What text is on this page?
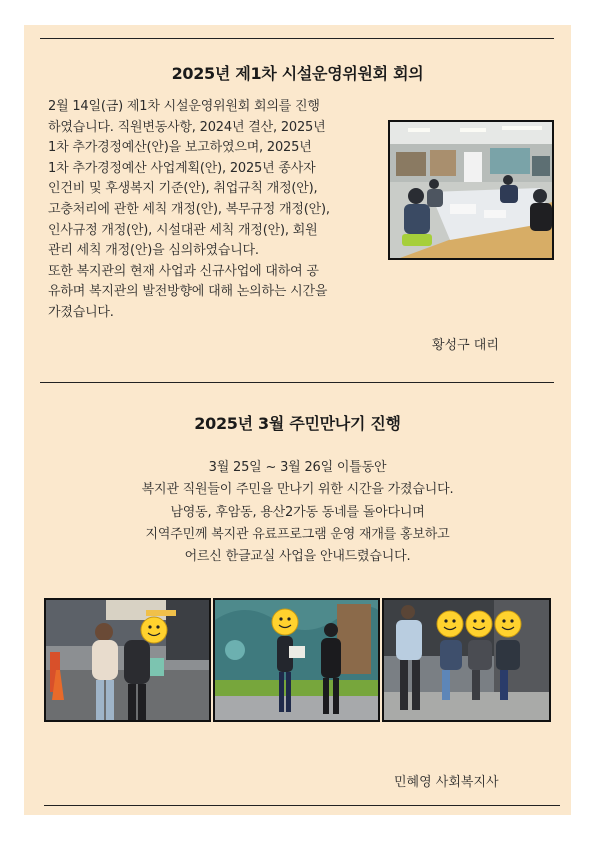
2025년 제1차 시설운영위원회 회의
2월 14일(금) 제1차 시설운영위원회 회의를 진행
하였습니다. 직원변동사항, 2024년 결산, 2025년
1차 추가경정예산(안)을 보고하였으며, 2025년
1차 추가경정예산 사업계획(안), 2025년 종사자
인건비 및 후생복지 기준(안), 취업규칙 개정(안),
고충처리에 관한 세칙 개정(안), 복무규정 개정(안),
인사규정 개정(안), 시설대관 세칙 개정(안), 회원
관리 세칙 개정(안)을 심의하였습니다.
또한 복지관의 현재 사업과 신규사업에 대하여 공
유하며 복지관의 발전방향에 대해 논의하는 시간을
가졌습니다.
황성구 대리
2025년 3월 주민만나기 진행
3월 25일 ~ 3월 26일 이틀동안
복지관 직원들이 주민을 만나기 위한 시간을 가졌습니다.
남영동, 후암동, 용산2가동 동네를 돌아다니며
지역주민께 복지관 유료프로그램 운영 재개를 홍보하고
어르신 한글교실 사업을 안내드렸습니다.
민혜영 사회복지사
